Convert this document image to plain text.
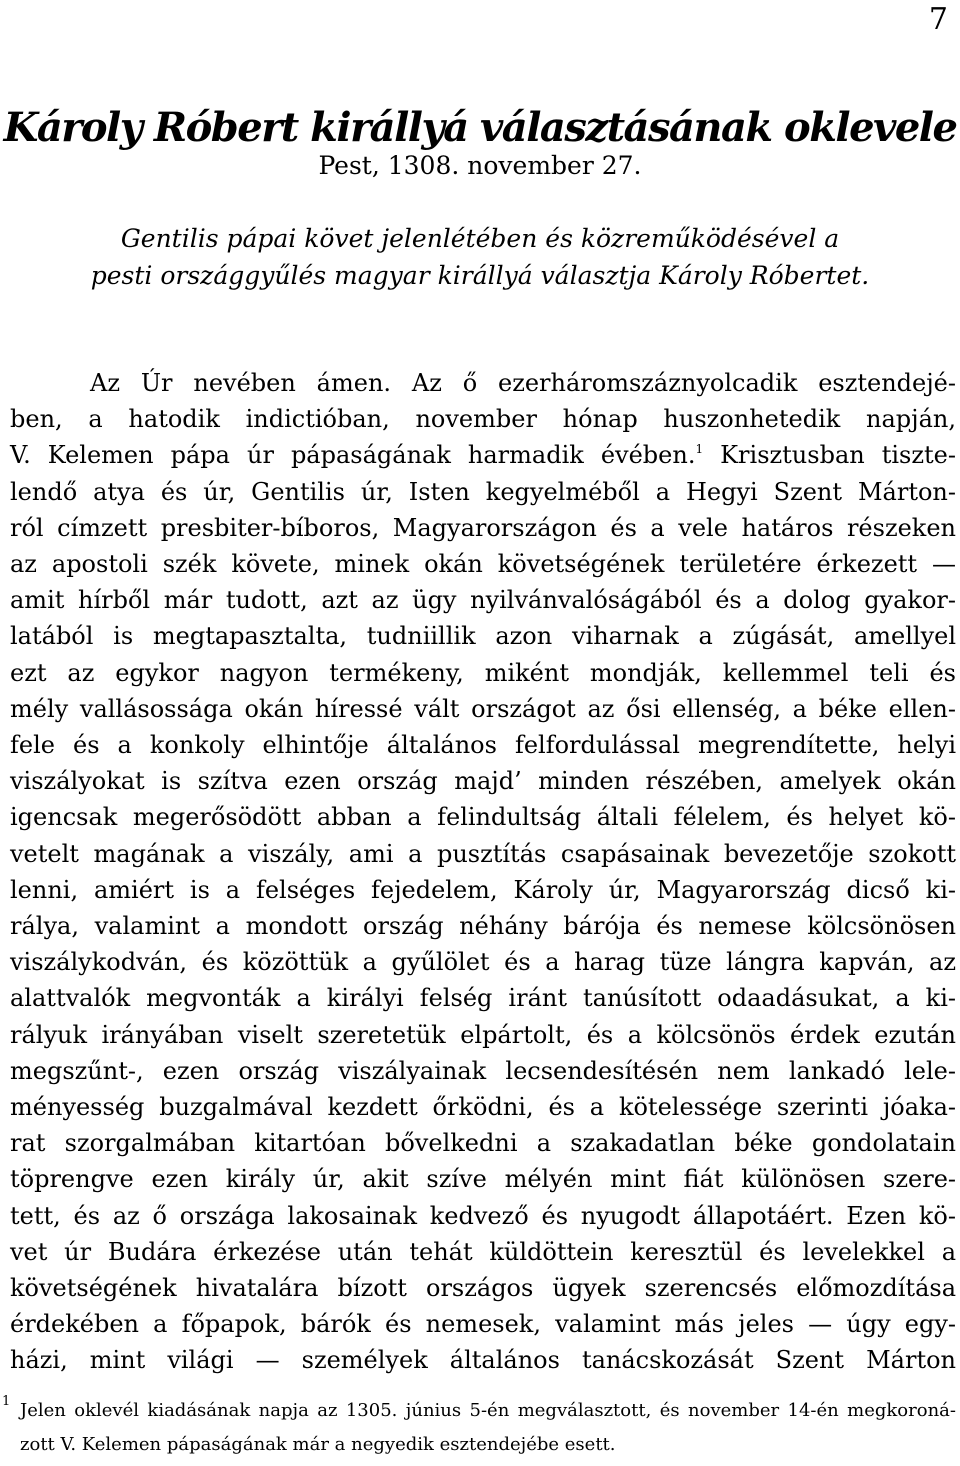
7
Károly Róbert királlyá választásának oklevele
Pest, 1308. november 27.
Gentilis pápai követ jelenlétében és közreműködésével a
pesti országgyűlés magyar királlyá választja Károly Róbertet.
Az Úr nevében ámen. Az ő ezerháromszáznyolcadik esztendejé-
ben, a hatodik indictióban, november hónap huszonhetedik napján,
V. Kelemen pápa úr pápaságának harmadik évében.$^1$ Krisztusban tiszte-
lendő atya és úr, Gentilis úr, Isten kegyelméből a Hegyi Szent Márton-
ról címzett presbiter-bíboros, Magyarországon és a vele határos részeken
az apostoli szék követe, minek okán követségének területére érkezett —
amit hírből már tudott, azt az ügy nyilvánvalóságából és a dolog gyakor-
latából is megtapasztalta, tudniillik azon viharnak a zúgását, amellyel
ezt az egykor nagyon termékeny, miként mondják, kellemmel teli és
mély vallásossága okán híressé vált országot az ősi ellenség, a béke ellen-
fele és a konkoly elhintője általános felfordulással megrendítette, helyi
viszályokat is szítva ezen ország majd’ minden részében, amelyek okán
igencsak megerősödött abban a felindultság általi félelem, és helyet kö-
vetelt magának a viszály, ami a pusztítás csapásainak bevezetője szokott
lenni, amiért is a felséges fejedelem, Károly úr, Magyarország dicső ki-
rálya, valamint a mondott ország néhány bárója és nemese kölcsönösen
viszálykodván, és közöttük a gyűlölet és a harag tüze lángra kapván, az
alattvalók megvonták a királyi felség iránt tanúsított odaadásukat, a ki-
rályuk irányában viselt szeretetük elpártolt, és a kölcsönös érdek ezután
megszűnt-, ezen ország viszályainak lecsendesítésén nem lankadó lele-
ményesség buzgalmával kezdett őrködni, és a kötelessége szerinti jóaka-
rat szorgalmában kitartóan bővelkedni a szakadatlan béke gondolatain
töprengve ezen király úr, akit szíve mélyén mint fiát különösen szere-
tett, és az ő országa lakosainak kedvező és nyugodt állapotáért. Ezen kö-
vet úr Budára érkezése után tehát küldöttein keresztül és levelekkel a
követségének hivatalára bízott országos ügyek szerencsés előmozdítása
érdekében a főpapok, bárók és nemesek, valamint más jeles — úgy egy-
házi, mint világi — személyek általános tanácskozását Szent Márton
1 Jelen oklevél kiadásának napja az 1305. június 5-én megválasztott, és november 14-én megkoroná-
zott V. Kelemen pápaságának már a negyedik esztendejébe esett.
